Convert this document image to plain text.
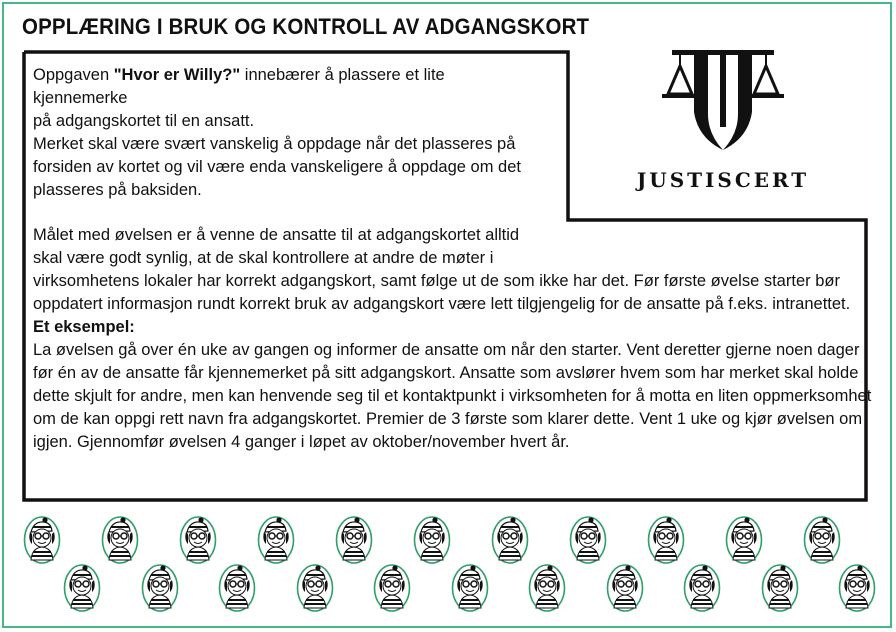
OPPLÆRING I BRUK OG KONTROLL AV ADGANGSKORT

Oppgaven "Hvor er Willy?" innebærer å plassere et lite kjennemerke

på adgangskortet til en ansatt.

Merket skal være svært vanskelig å oppdage når det plasseres på

forsiden av kortet og vil være enda vanskeligere å oppdage om det

plasseres på baksiden.

Målet med øvelsen er å venne de ansatte til at adgangskortet alltid

skal være godt synlig, at de skal kontrollere at andre de møter i

virksomhetens lokaler har korrekt adgangskort, samt følge ut de som ikke har det. Før første øvelse starter bør oppdatert informasjon rundt korrekt bruk av adgangskort være lett tilgjengelig for de ansatte på f.eks. intranettet.

Et eksempel:

La øvelsen gå over én uke av gangen og informer de ansatte om når den starter. Vent deretter gjerne noen dager før én av de ansatte får kjennemerket på sitt adgangskort. Ansatte som avslører hvem som har merket skal holde dette skjult for andre, men kan henvende seg til et kontaktpunkt i virksomheten for å motta en liten oppmerksomhet om de kan oppgi rett navn fra adgangskortet. Premier de 3 første som klarer dette. Vent 1 uke og kjør øvelsen om igjen. Gjennomfør øvelsen 4 ganger i løpet av oktober/november hvert år.

JUSTISCERT
